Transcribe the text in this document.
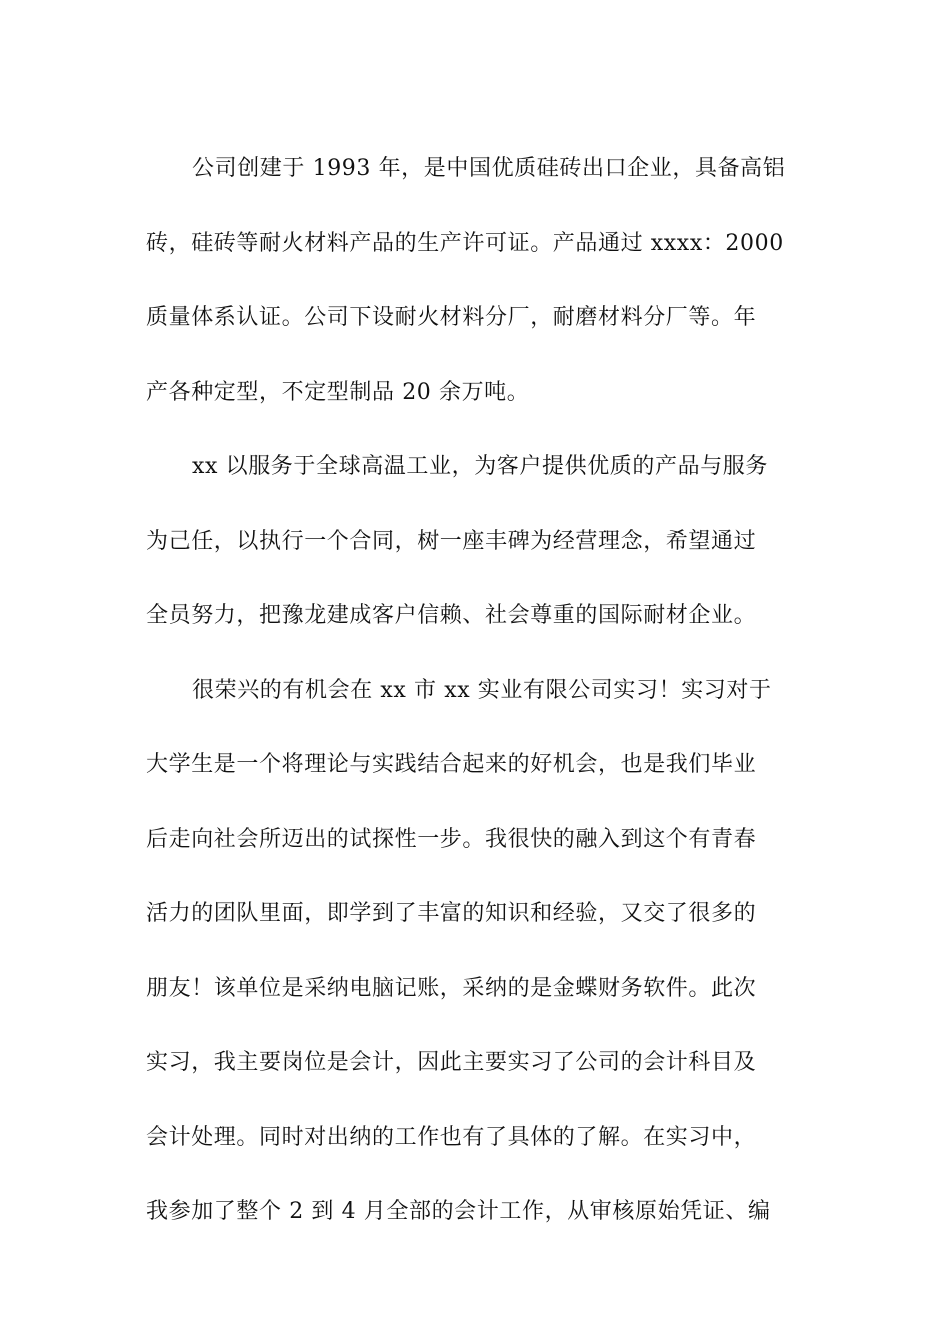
公司创建于 1993 年，是中国优质硅砖出口企业，具备高铝
砖，硅砖等耐火材料产品的生产许可证。产品通过 xxxx：2000
质量体系认证。公司下设耐火材料分厂，耐磨材料分厂等。年
产各种定型，不定型制品 20 余万吨。
xx 以服务于全球高温工业，为客户提供优质的产品与服务
为己任，以执行一个合同，树一座丰碑为经营理念，希望通过
全员努力，把豫龙建成客户信赖、社会尊重的国际耐材企业。
很荣兴的有机会在 xx 市 xx 实业有限公司实习！实习对于
大学生是一个将理论与实践结合起来的好机会，也是我们毕业
后走向社会所迈出的试探性一步。我很快的融入到这个有青春
活力的团队里面，即学到了丰富的知识和经验，又交了很多的
朋友！该单位是采纳电脑记账，采纳的是金蝶财务软件。此次
实习，我主要岗位是会计，因此主要实习了公司的会计科目及
会计处理。同时对出纳的工作也有了具体的了解。在实习中，
我参加了整个 2 到 4 月全部的会计工作，从审核原始凭证、编
